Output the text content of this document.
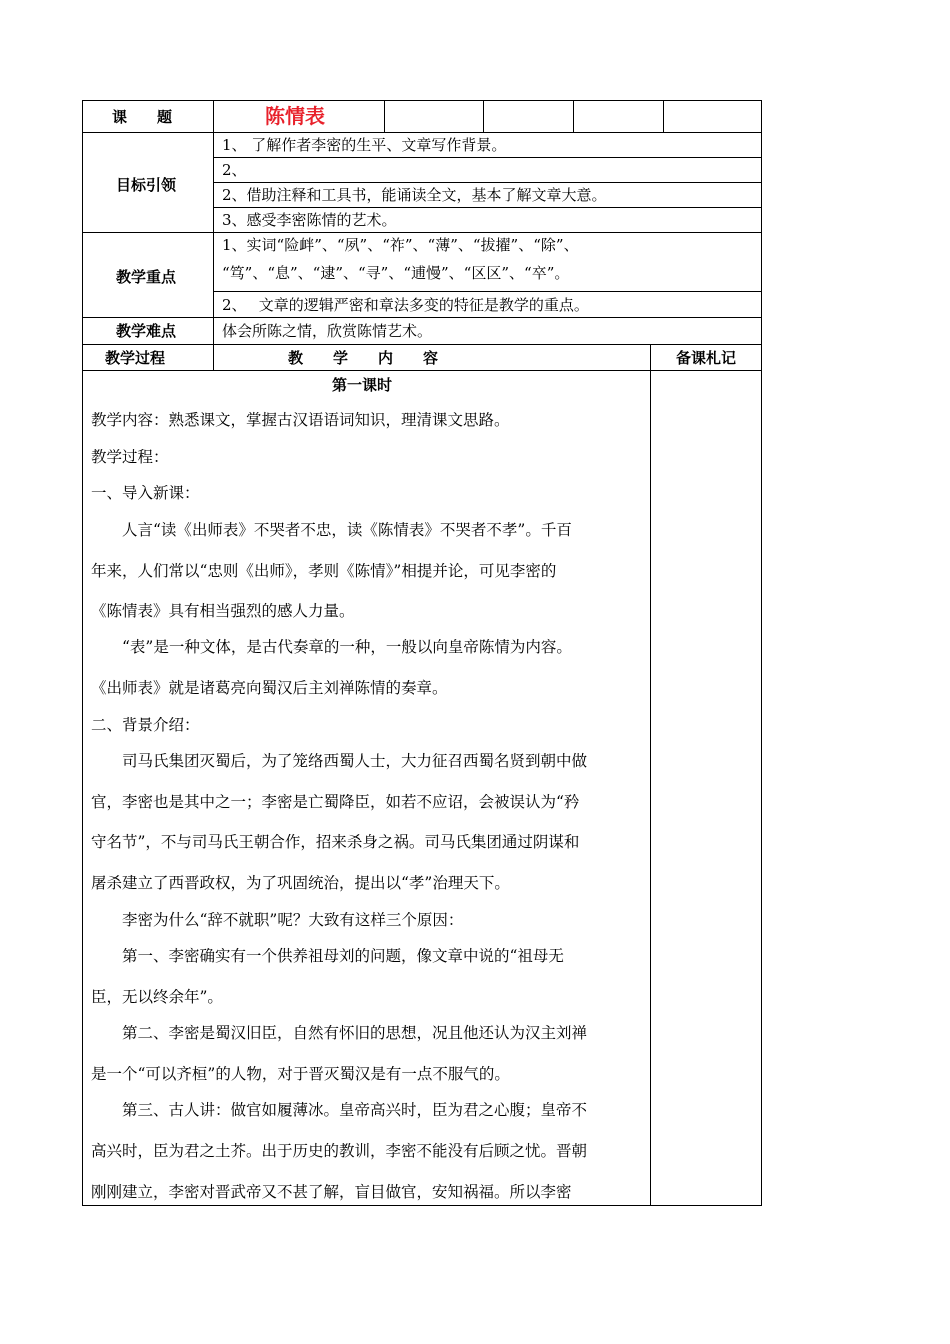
课　　题	陈情表
目标引领
1、 了解作者李密的生平、文章写作背景。
2、
2、借助注释和工具书，能诵读全文，基本了解文章大意。
3、感受李密陈情的艺术。
教学重点
1、实词“险衅”、“夙”、“祚”、“薄”、“拔擢”、“除”、
“笃”、“息”、“逮”、“寻”、“逋慢”、“区区”、“卒”。
2、　 文章的逻辑严密和章法多变的特征是教学的重点。
教学难点	体会所陈之情，欣赏陈情艺术。
教学过程	教　　学　　内　　容	备课札记
第一课时
教学内容：熟悉课文，掌握古汉语语词知识，理清课文思路。
教学过程：
一、导入新课：
　　人言“读《出师表》不哭者不忠，读《陈情表》不哭者不孝”。千百
年来，人们常以“忠则《出师》，孝则《陈情》”相提并论，可见李密的
《陈情表》具有相当强烈的感人力量。
　　“表”是一种文体，是古代奏章的一种，一般以向皇帝陈情为内容。
《出师表》就是诸葛亮向蜀汉后主刘禅陈情的奏章。
二、背景介绍：
　　司马氏集团灭蜀后，为了笼络西蜀人士，大力征召西蜀名贤到朝中做
官，李密也是其中之一；李密是亡蜀降臣，如若不应诏，会被误认为“矜
守名节”，不与司马氏王朝合作，招来杀身之祸。司马氏集团通过阴谋和
屠杀建立了西晋政权，为了巩固统治，提出以“孝”治理天下。
　　李密为什么“辞不就职”呢？大致有这样三个原因：
　　第一、李密确实有一个供养祖母刘的问题，像文章中说的“祖母无
臣，无以终余年”。
　　第二、李密是蜀汉旧臣，自然有怀旧的思想，况且他还认为汉主刘禅
是一个“可以齐桓”的人物，对于晋灭蜀汉是有一点不服气的。
　　第三、古人讲：做官如履薄冰。皇帝高兴时，臣为君之心腹；皇帝不
高兴时，臣为君之土芥。出于历史的教训，李密不能没有后顾之忧。晋朝
刚刚建立，李密对晋武帝又不甚了解，盲目做官，安知祸福。所以李密
